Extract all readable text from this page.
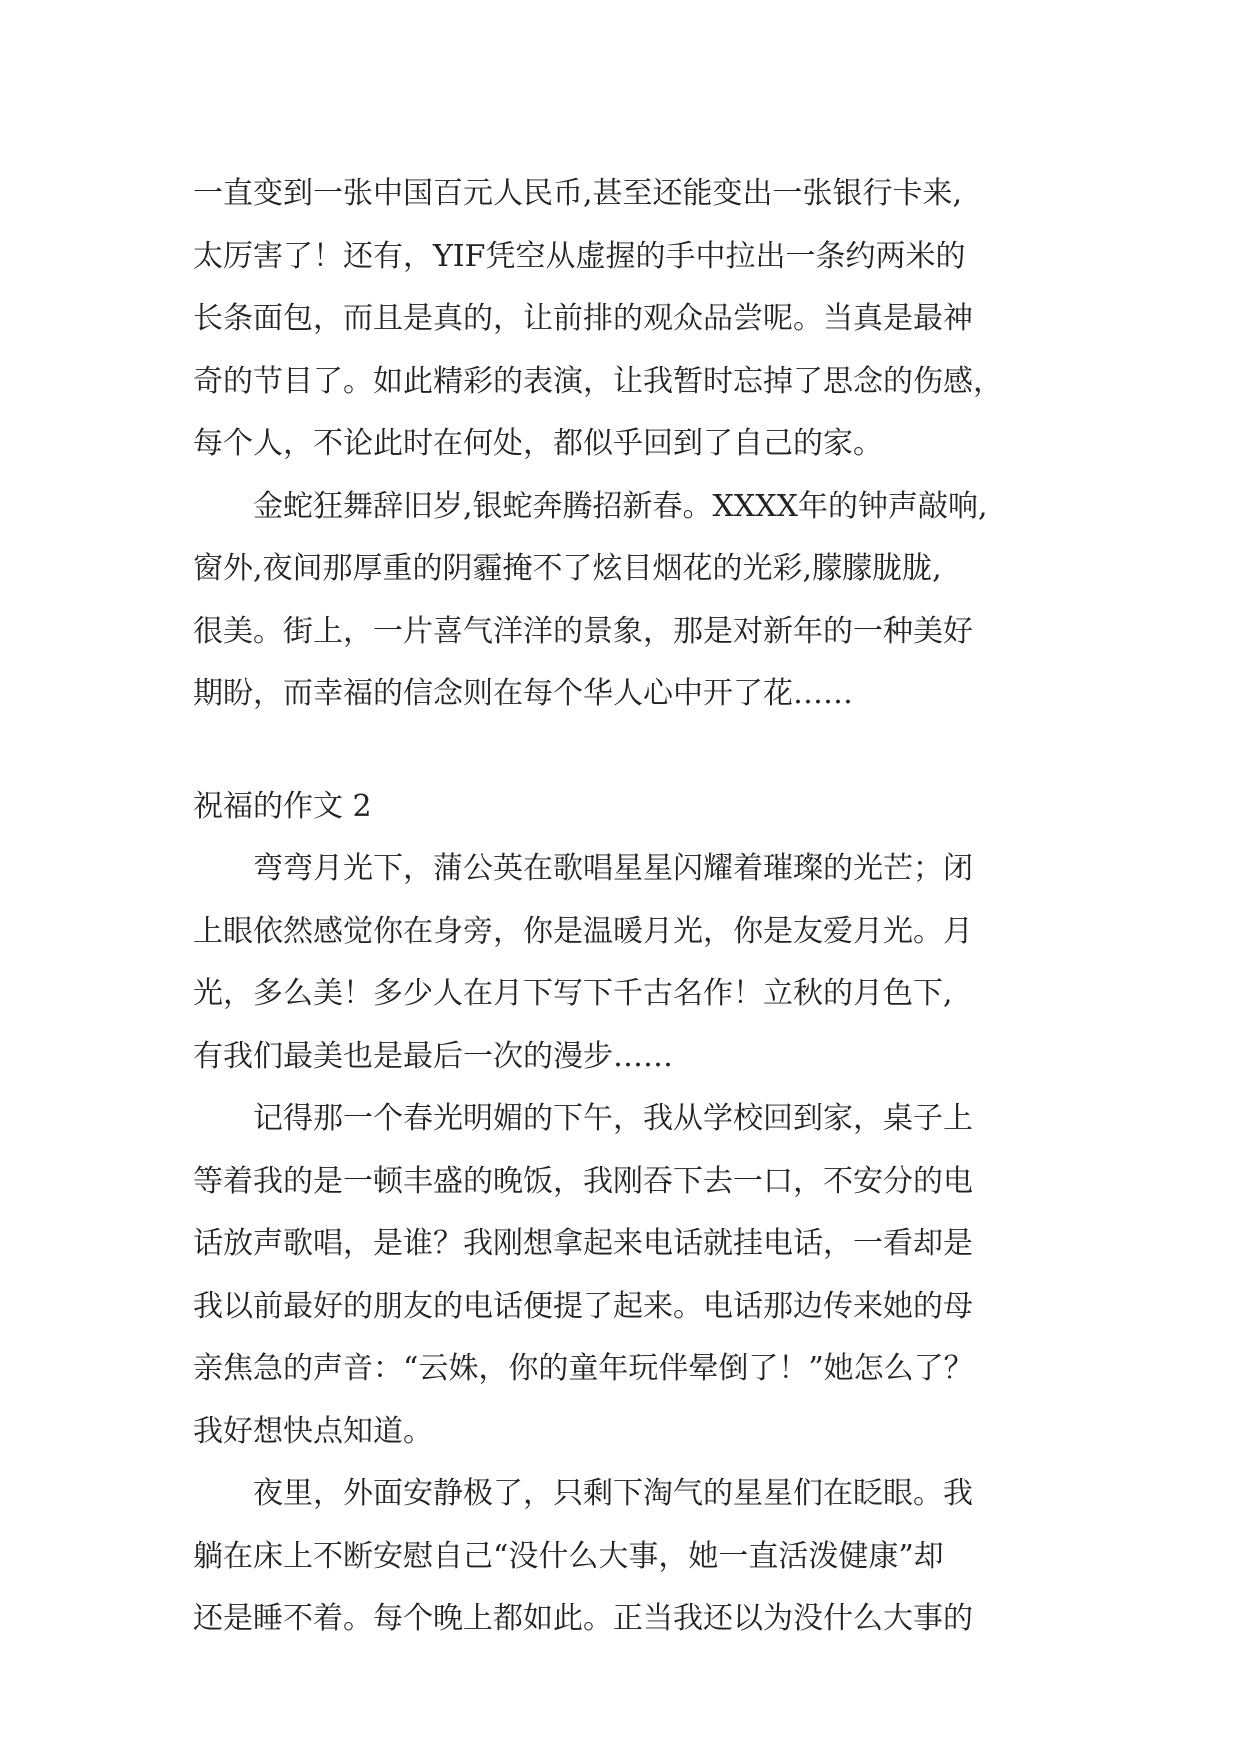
一直变到一张中国百元人民币,甚至还能变出一张银行卡来,
太厉害了！还有，YIF凭空从虚握的手中拉出一条约两米的
长条面包，而且是真的，让前排的观众品尝呢。当真是最神
奇的节目了。如此精彩的表演，让我暂时忘掉了思念的伤感，
每个人，不论此时在何处，都似乎回到了自己的家。
金蛇狂舞辞旧岁,银蛇奔腾招新春。XXXX年的钟声敲响,
窗外,夜间那厚重的阴霾掩不了炫目烟花的光彩,朦朦胧胧,
很美。街上，一片喜气洋洋的景象，那是对新年的一种美好
期盼，而幸福的信念则在每个华人心中开了花……
祝福的作文 2
弯弯月光下，蒲公英在歌唱星星闪耀着璀璨的光芒；闭
上眼依然感觉你在身旁，你是温暖月光，你是友爱月光。月
光，多么美！多少人在月下写下千古名作！立秋的月色下,
有我们最美也是最后一次的漫步……
记得那一个春光明媚的下午，我从学校回到家，桌子上
等着我的是一顿丰盛的晚饭，我刚吞下去一口，不安分的电
话放声歌唱，是谁？我刚想拿起来电话就挂电话，一看却是
我以前最好的朋友的电话便提了起来。电话那边传来她的母
亲焦急的声音：“云姝，你的童年玩伴晕倒了！”她怎么了？
我好想快点知道。
夜里，外面安静极了，只剩下淘气的星星们在眨眼。我
躺在床上不断安慰自己“没什么大事，她一直活泼健康”却
还是睡不着。每个晚上都如此。正当我还以为没什么大事的
